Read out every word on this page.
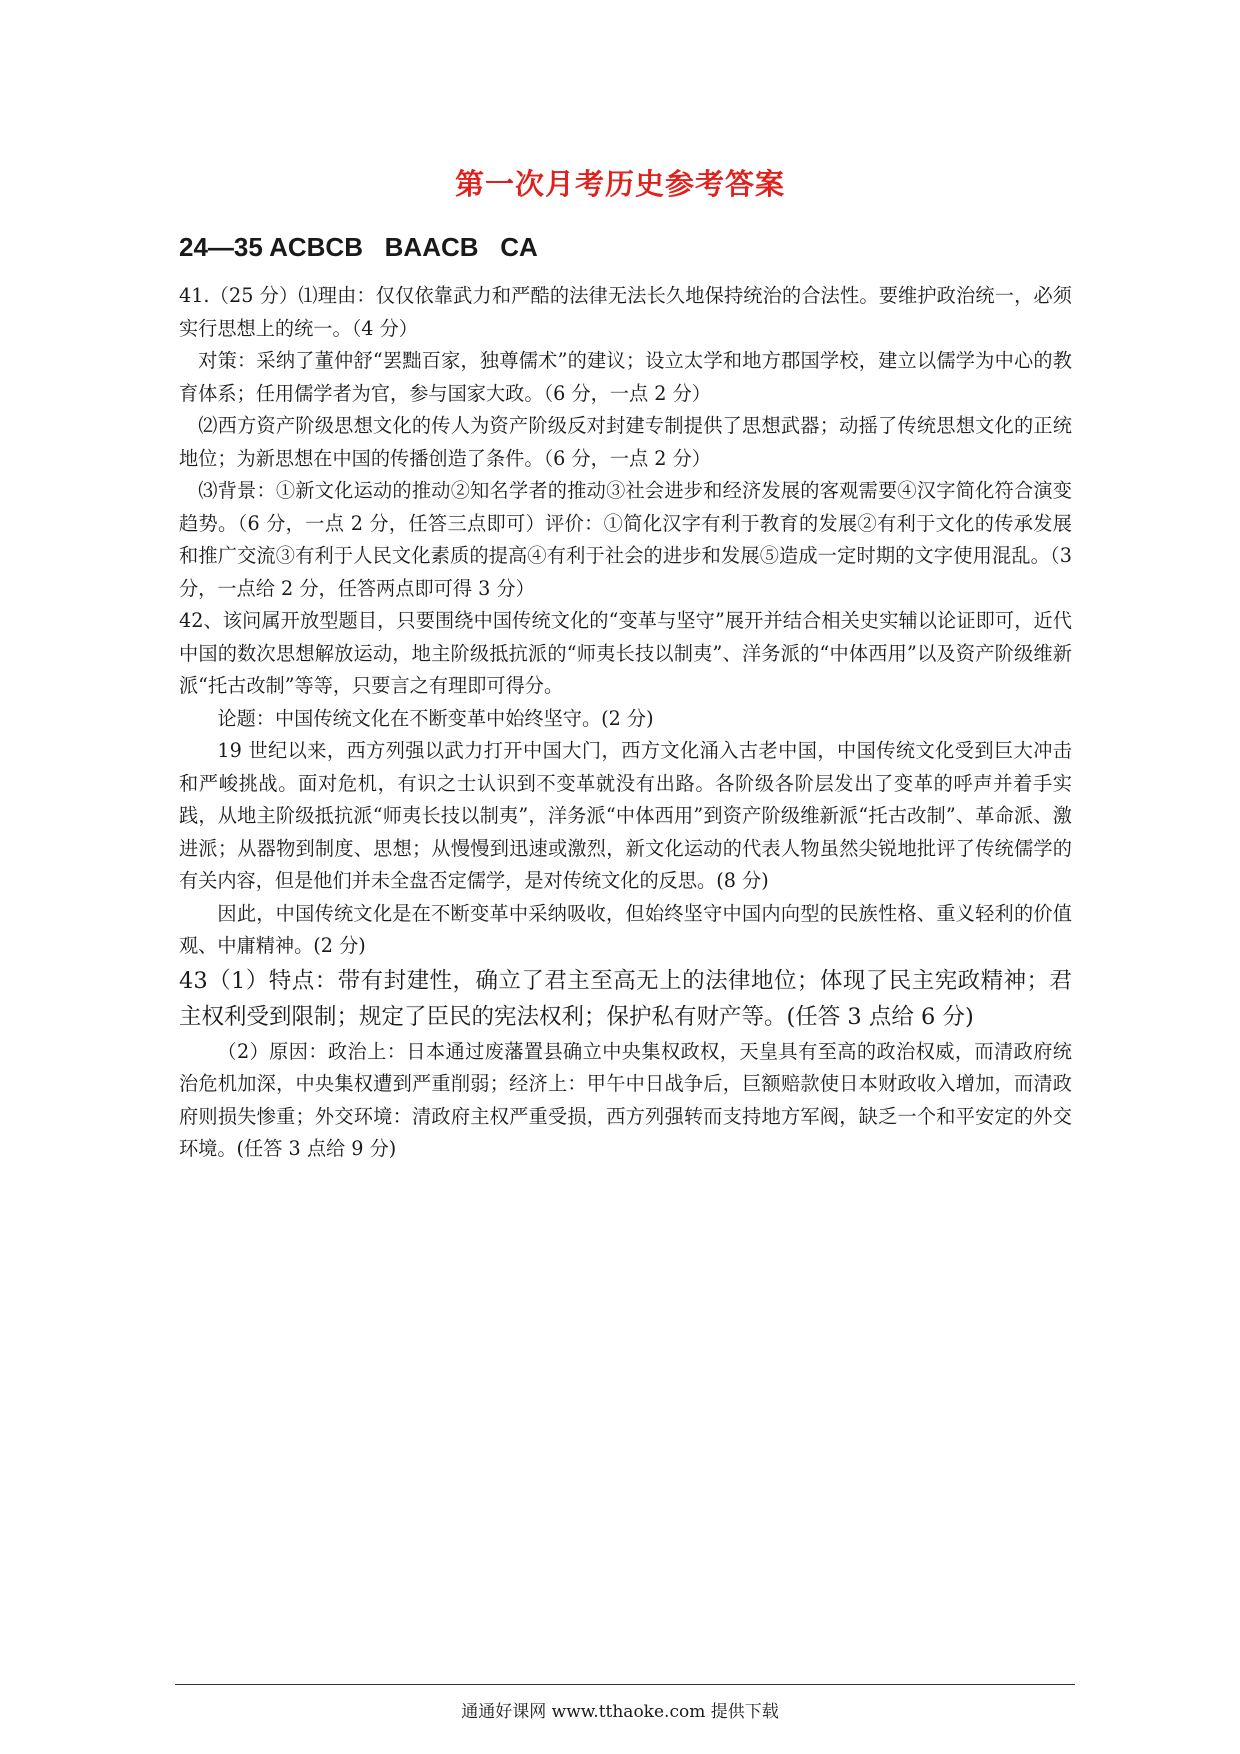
第一次月考历史参考答案
24—35 ACBCB   BAACB   CA

41.（25 分）⑴理由：仅仅依靠武力和严酷的法律无法长久地保持统治的合法性。要维护政治统一，必须实行思想上的统一。（4 分）

对策：采纳了董仲舒“罢黜百家，独尊儒术”的建议；设立太学和地方郡国学校，建立以儒学为中心的教育体系；任用儒学者为官，参与国家大政。（6 分，一点 2 分）

⑵西方资产阶级思想文化的传人为资产阶级反对封建专制提供了思想武器；动摇了传统思想文化的正统地位；为新思想在中国的传播创造了条件。（6 分，一点 2 分）

⑶背景：①新文化运动的推动②知名学者的推动③社会进步和经济发展的客观需要④汉字简化符合演变趋势。（6 分，一点 2 分，任答三点即可）评价：①简化汉字有利于教育的发展②有利于文化的传承发展和推广交流③有利于人民文化素质的提高④有利于社会的进步和发展⑤造成一定时期的文字使用混乱。（3 分，一点给 2 分，任答两点即可得 3 分）

42、该问属开放型题目，只要围绕中国传统文化的“变革与坚守”展开并结合相关史实辅以论证即可，近代中国的数次思想解放运动，地主阶级抵抗派的“师夷长技以制夷”、洋务派的“中体西用”以及资产阶级维新派“托古改制”等等，只要言之有理即可得分。

论题：中国传统文化在不断变革中始终坚守。(2 分)

19 世纪以来，西方列强以武力打开中国大门，西方文化涌入古老中国，中国传统文化受到巨大冲击和严峻挑战。面对危机，有识之士认识到不变革就没有出路。各阶级各阶层发出了变革的呼声并着手实践，从地主阶级抵抗派“师夷长技以制夷”，洋务派“中体西用”到资产阶级维新派“托古改制”、革命派、激进派；从器物到制度、思想；从慢慢到迅速或激烈，新文化运动的代表人物虽然尖锐地批评了传统儒学的有关内容，但是他们并未全盘否定儒学，是对传统文化的反思。(8 分)

因此，中国传统文化是在不断变革中采纳吸收，但始终坚守中国内向型的民族性格、重义轻利的价值观、中庸精神。(2 分)

43（1）特点：带有封建性，确立了君主至高无上的法律地位；体现了民主宪政精神；君主权利受到限制；规定了臣民的宪法权利；保护私有财产等。(任答 3 点给 6 分)

（2）原因：政治上：日本通过废藩置县确立中央集权政权，天皇具有至高的政治权威，而清政府统治危机加深，中央集权遭到严重削弱；经济上：甲午中日战争后，巨额赔款使日本财政收入增加，而清政府则损失惨重；外交环境：清政府主权严重受损，西方列强转而支持地方军阀，缺乏一个和平安定的外交环境。(任答 3 点给 9 分)

通通好课网 www.tthaoke.com 提供下载
